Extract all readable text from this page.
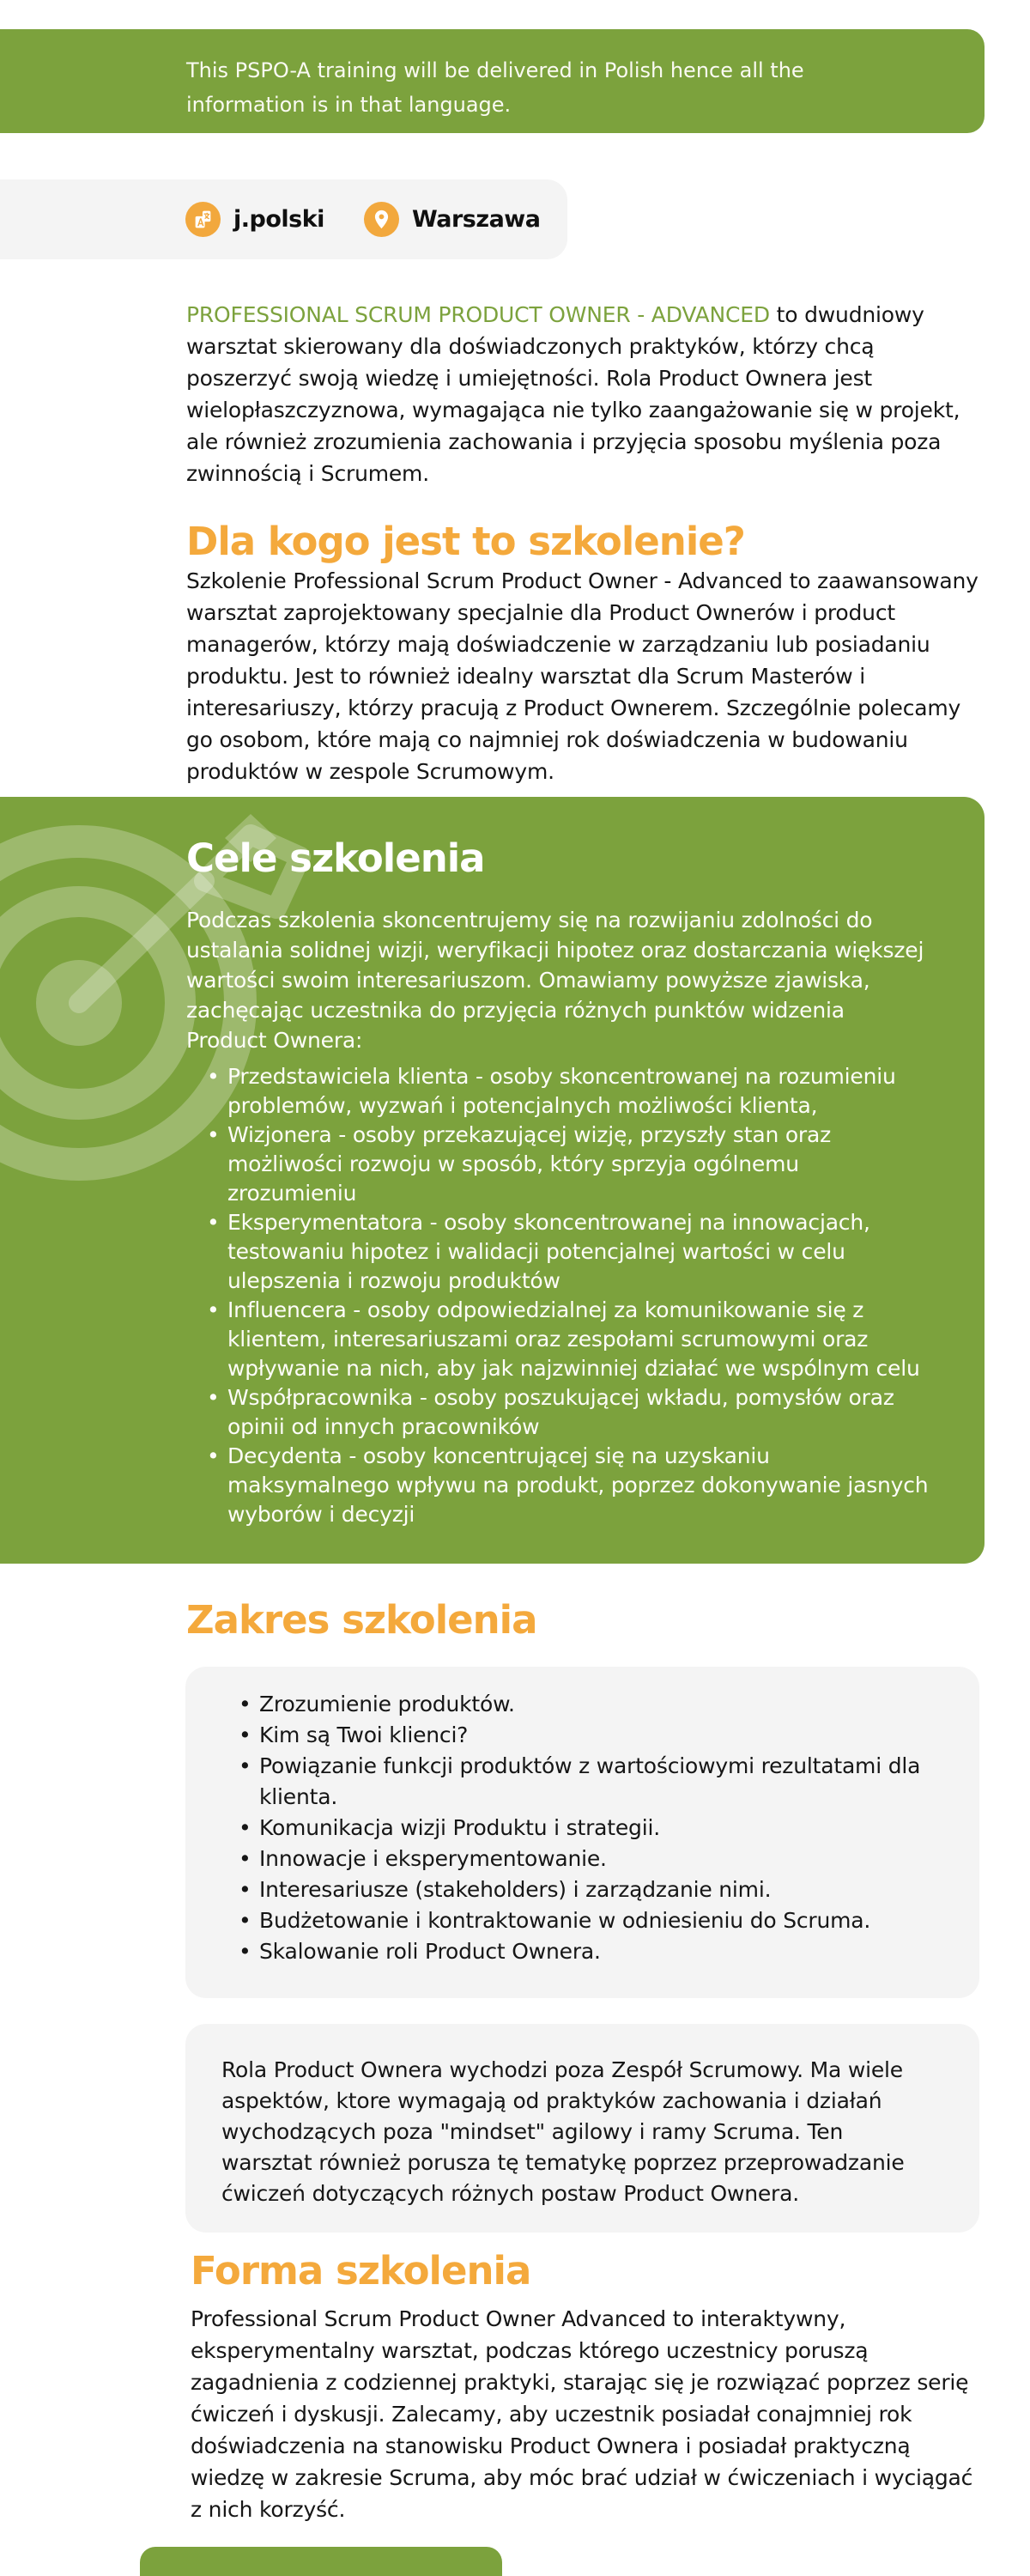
This PSPO-A training will be delivered in Polish hence all the information is in that language.
j.polski	Warszawa

PROFESSIONAL SCRUM PRODUCT OWNER - ADVANCED to dwudniowy warsztat skierowany dla doświadczonych praktyków, którzy chcą poszerzyć swoją wiedzę i umiejętności. Rola Product Ownera jest wielopłaszczyznowa, wymagająca nie tylko zaangażowanie się w projekt, ale również zrozumienia zachowania i przyjęcia sposobu myślenia poza zwinnością i Scrumem.

Dla kogo jest to szkolenie?

Szkolenie Professional Scrum Product Owner - Advanced to zaawansowany warsztat zaprojektowany specjalnie dla Product Ownerów i product managerów, którzy mają doświadczenie w zarządzaniu lub posiadaniu produktu. Jest to również idealny warsztat dla Scrum Masterów i interesariuszy, którzy pracują z Product Ownerem. Szczególnie polecamy go osobom, które mają co najmniej rok doświadczenia w budowaniu produktów w zespole Scrumowym.

Cele szkolenia

Podczas szkolenia skoncentrujemy się na rozwijaniu zdolności do ustalania solidnej wizji, weryfikacji hipotez oraz dostarczania większej wartości swoim interesariuszom. Omawiamy powyższe zjawiska, zachęcając uczestnika do przyjęcia różnych punktów widzenia Product Ownera:

• Przedstawiciela klienta - osoby skoncentrowanej na rozumieniu problemów, wyzwań i potencjalnych możliwości klienta,
• Wizjonera - osoby przekazującej wizję, przyszły stan oraz możliwości rozwoju w sposób, który sprzyja ogólnemu zrozumieniu
• Eksperymentatora - osoby skoncentrowanej na innowacjach, testowaniu hipotez i walidacji potencjalnej wartości w celu ulepszenia i rozwoju produktów
• Influencera - osoby odpowiedzialnej za komunikowanie się z klientem, interesariuszami oraz zespołami scrumowymi oraz wpływanie na nich, aby jak najzwinniej działać we wspólnym celu
• Współpracownika - osoby poszukującej wkładu, pomysłów oraz opinii od innych pracowników
• Decydenta - osoby koncentrującej się na uzyskaniu maksymalnego wpływu na produkt, poprzez dokonywanie jasnych wyborów i decyzji
Zakres szkolenia
• Zrozumienie produktów.
• Kim są Twoi klienci?
• Powiązanie funkcji produktów z wartościowymi rezultatami dla klienta.
• Komunikacja wizji Produktu i strategii.
• Innowacje i eksperymentowanie.
• Interesariusze (stakeholders) i zarządzanie nimi.
• Budżetowanie i kontraktowanie w odniesieniu do Scruma.
• Skalowanie roli Product Ownera.
Rola Product Ownera wychodzi poza Zespół Scrumowy. Ma wiele aspektów, ktore wymagają od praktyków zachowania i działań wychodzących poza "mindset" agilowy i ramy Scruma. Ten warsztat również porusza tę tematykę poprzez przeprowadzanie ćwiczeń dotyczących różnych postaw Product Ownera.
Forma szkolenia

Professional Scrum Product Owner Advanced to interaktywny, eksperymentalny warsztat, podczas którego uczestnicy poruszą zagadnienia z codziennej praktyki, starając się je rozwiązać poprzez serię ćwiczeń i dyskusji. Zalecamy, aby uczestnik posiadał conajmniej rok doświadczenia na stanowisku Product Ownera i posiadał praktyczną wiedzę w zakresie Scruma, aby móc brać udział w ćwiczeniach i wyciągać z nich korzyść.
